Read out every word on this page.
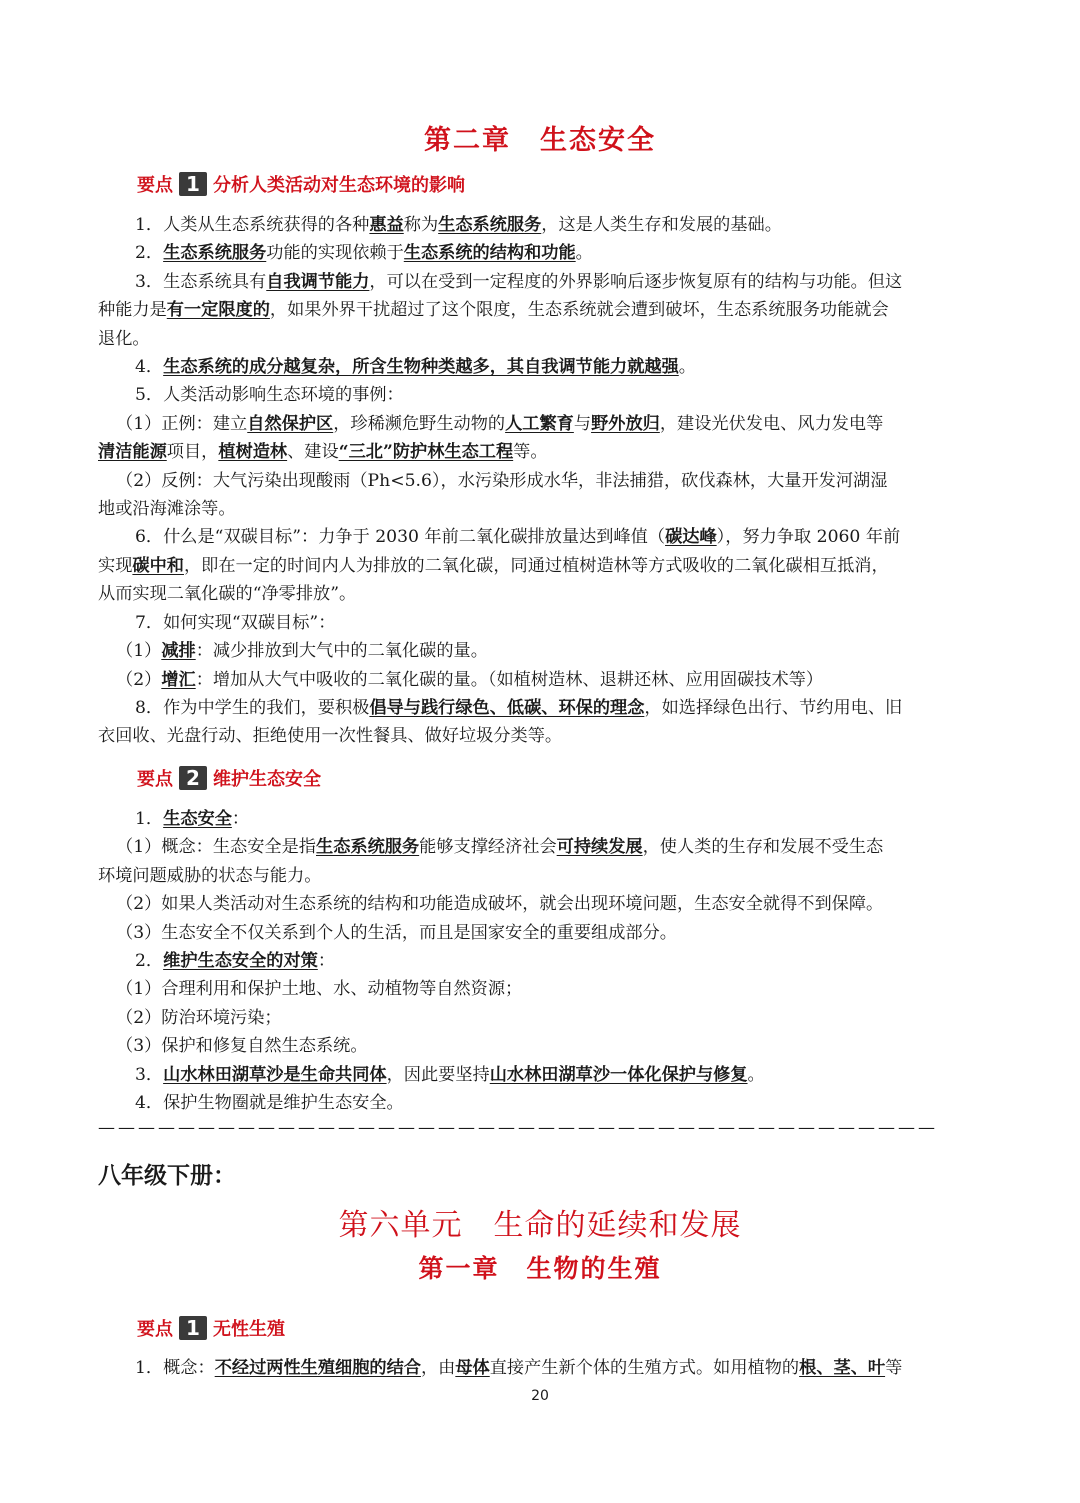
第二章　生态安全
要点 1 分析人类活动对生态环境的影响
1．人类从生态系统获得的各种惠益称为生态系统服务，这是人类生存和发展的基础。
2．生态系统服务功能的实现依赖于生态系统的结构和功能。
3．生态系统具有自我调节能力，可以在受到一定程度的外界影响后逐步恢复原有的结构与功能。但这
种能力是有一定限度的，如果外界干扰超过了这个限度，生态系统就会遭到破坏，生态系统服务功能就会
退化。
4．生态系统的成分越复杂，所含生物种类越多，其自我调节能力就越强。
5．人类活动影响生态环境的事例：
（1）正例：建立自然保护区，珍稀濒危野生动物的人工繁育与野外放归，建设光伏发电、风力发电等
清洁能源项目，植树造林、建设“三北”防护林生态工程等。
（2）反例：大气污染出现酸雨（Ph<5.6），水污染形成水华，非法捕猎，砍伐森林，大量开发河湖湿
地或沿海滩涂等。
6．什么是“双碳目标”：力争于 2030 年前二氧化碳排放量达到峰值（碳达峰），努力争取 2060 年前
实现碳中和，即在一定的时间内人为排放的二氧化碳，同通过植树造林等方式吸收的二氧化碳相互抵消，
从而实现二氧化碳的“净零排放”。
7．如何实现“双碳目标”：
（1）减排：减少排放到大气中的二氧化碳的量。
（2）增汇：增加从大气中吸收的二氧化碳的量。（如植树造林、退耕还林、应用固碳技术等）
8．作为中学生的我们，要积极倡导与践行绿色、低碳、环保的理念，如选择绿色出行、节约用电、旧
衣回收、光盘行动、拒绝使用一次性餐具、做好垃圾分类等。
要点 2 维护生态安全
1．生态安全：
（1）概念：生态安全是指生态系统服务能够支撑经济社会可持续发展，使人类的生存和发展不受生态
环境问题威胁的状态与能力。
（2）如果人类活动对生态系统的结构和功能造成破坏，就会出现环境问题，生态安全就得不到保障。
（3）生态安全不仅关系到个人的生活，而且是国家安全的重要组成部分。
2．维护生态安全的对策：
（1）合理利用和保护土地、水、动植物等自然资源；
（2）防治环境污染；
（3）保护和修复自然生态系统。
3．山水林田湖草沙是生命共同体，因此要坚持山水林田湖草沙一体化保护与修复。
4．保护生物圈就是维护生态安全。
——————————————————————————————————————————
八年级下册：
第六单元　生命的延续和发展
第一章　生物的生殖
要点 1 无性生殖
1．概念：不经过两性生殖细胞的结合，由母体直接产生新个体的生殖方式。如用植物的根、茎、叶等
20
